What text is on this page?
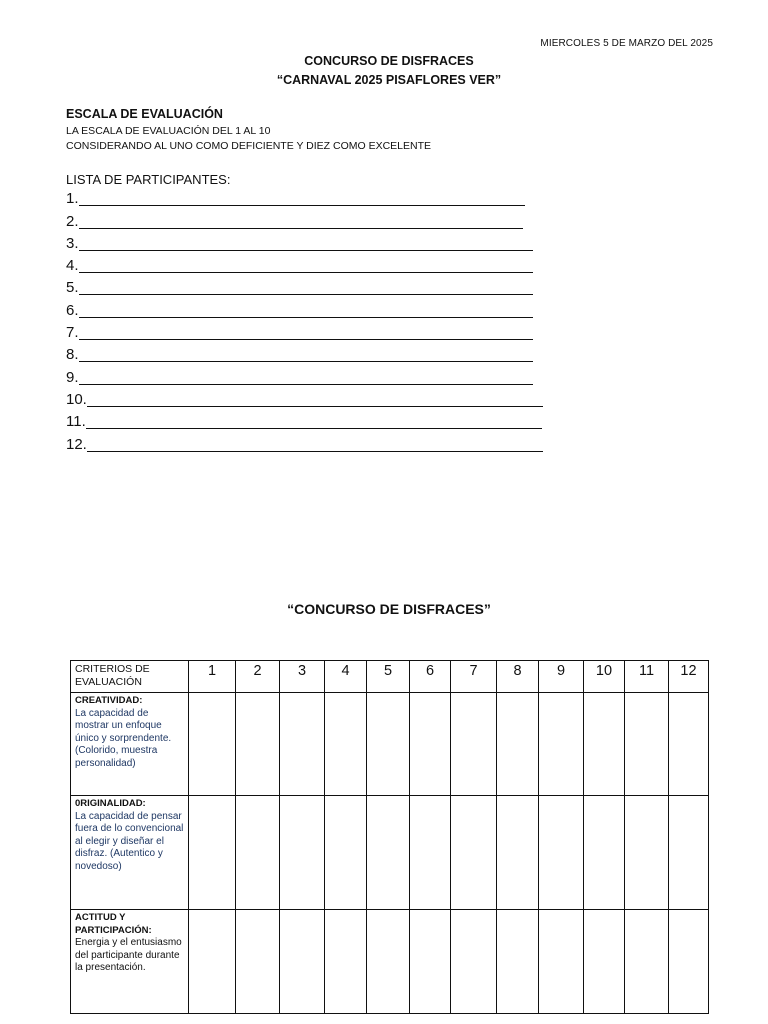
MIERCOLES 5 DE MARZO DEL 2025
CONCURSO DE DISFRACES
“CARNAVAL 2025 PISAFLORES VER”
ESCALA DE EVALUACIÓN
LA ESCALA DE EVALUACIÓN DEL 1 AL 10
CONSIDERANDO AL UNO COMO DEFICIENTE Y DIEZ COMO EXCELENTE
LISTA DE PARTICIPANTES:
1.
2.
3.
4.
5.
6.
7.
8.
9.
10.
11.
12.
“CONCURSO DE DISFRACES”
CRITERIOS DE EVALUACIÓN	1	2	3	4	5	6	7	8	9	10	11	12

CREATIVIDAD:
La capacidad de mostrar un enfoque único y sorprendente. (Colorido, muestra personalidad)												

0RIGINALIDAD:
La capacidad de pensar fuera de lo convencional al elegir y diseñar el disfraz. (Autentico y novedoso)												

ACTITUD Y PARTICIPACIÓN:
Energia y el entusiasmo del participante durante la presentación.												
